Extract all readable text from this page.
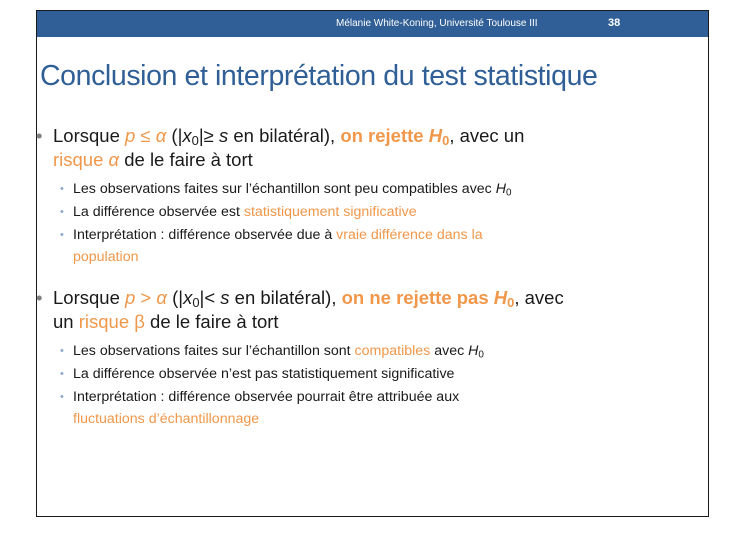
Mélanie White-Koning, Université Toulouse III	38
Conclusion et interprétation du test statistique
• Lorsque p ≤ α ($|x_0|\ge s$ en bilatéral), on rejette $H_0$, avec un
risque α de le faire à tort
• Les observations faites sur l’échantillon sont peu compatibles avec $H_0$
• La différence observée est statistiquement significative
• Interprétation : différence observée due à vraie différence dans la
population
• Lorsque p > α ($|x_0|< s$ en bilatéral), on ne rejette pas $H_0$, avec
un risque β de le faire à tort
• Les observations faites sur l’échantillon sont compatibles avec $H_0$
• La différence observée n’est pas statistiquement significative
• Interprétation : différence observée pourrait être attribuée aux
fluctuations d’échantillonnage
